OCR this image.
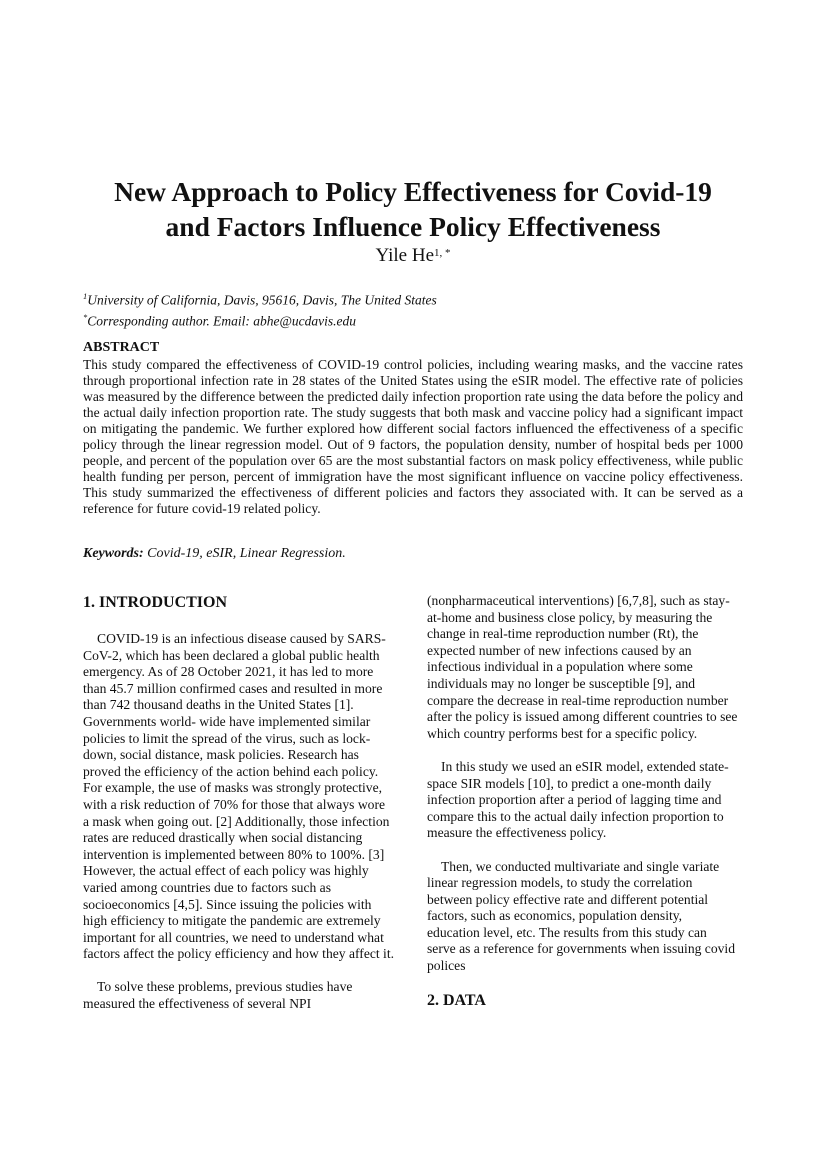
New Approach to Policy Effectiveness for Covid-19
and Factors Influence Policy Effectiveness
Yile $He^{1, *}$
$^1$University of California, Davis, 95616, Davis, The United States
*Corresponding author. Email: abhe@ucdavis.edu
ABSTRACT

This study compared the effectiveness of COVID-19 control policies, including wearing masks, and the vaccine rates through proportional infection rate in 28 states of the United States using the eSIR model. The effective rate of policies was measured by the difference between the predicted daily infection proportion rate using the data before the policy and the actual daily infection proportion rate. The study suggests that both mask and vaccine policy had a significant impact on mitigating the pandemic. We further explored how different social factors influenced the effectiveness of a specific policy through the linear regression model. Out of 9 factors, the population density, number of hospital beds per 1000 people, and percent of the population over 65 are the most substantial factors on mask policy effectiveness, while public health funding per person, percent of immigration have the most significant influence on vaccine policy effectiveness. This study summarized the effectiveness of different policies and factors they associated with. It can be served as a reference for future covid-19 related policy.

Keywords: Covid-19, eSIR, Linear Regression.
1. INTRODUCTION

COVID-19 is an infectious disease caused by SARS-CoV-2, which has been declared a global public health emergency. As of 28 October 2021, it has led to more than 45.7 million confirmed cases and resulted in more than 742 thousand deaths in the United States [1]. Governments world- wide have implemented similar policies to limit the spread of the virus, such as lock-down, social distance, mask policies. Research has proved the efficiency of the action behind each policy. For example, the use of masks was strongly protective, with a risk reduction of 70% for those that always wore a mask when going out. [2] Additionally, those infection rates are reduced drastically when social distancing intervention is implemented between 80% to 100%. [3] However, the actual effect of each policy was highly varied among countries due to factors such as socioeconomics [4,5]. Since issuing the policies with high efficiency to mitigate the pandemic are extremely important for all countries, we need to understand what factors affect the policy efficiency and how they affect it.

To solve these problems, previous studies have measured the effectiveness of several NPI

(nonpharmaceutical interventions) [6,7,8], such as stay-at-home and business close policy, by measuring the change in real-time reproduction number (Rt), the expected number of new infections caused by an infectious individual in a population where some individuals may no longer be susceptible [9], and compare the decrease in real-time reproduction number after the policy is issued among different countries to see which country performs best for a specific policy.

In this study we used an eSIR model, extended state-space SIR models [10], to predict a one-month daily infection proportion after a period of lagging time and compare this to the actual daily infection proportion to measure the effectiveness policy.

Then, we conducted multivariate and single variate linear regression models, to study the correlation between policy effective rate and different potential factors, such as economics, population density, education level, etc. The results from this study can serve as a reference for governments when issuing covid polices

2. DATA
